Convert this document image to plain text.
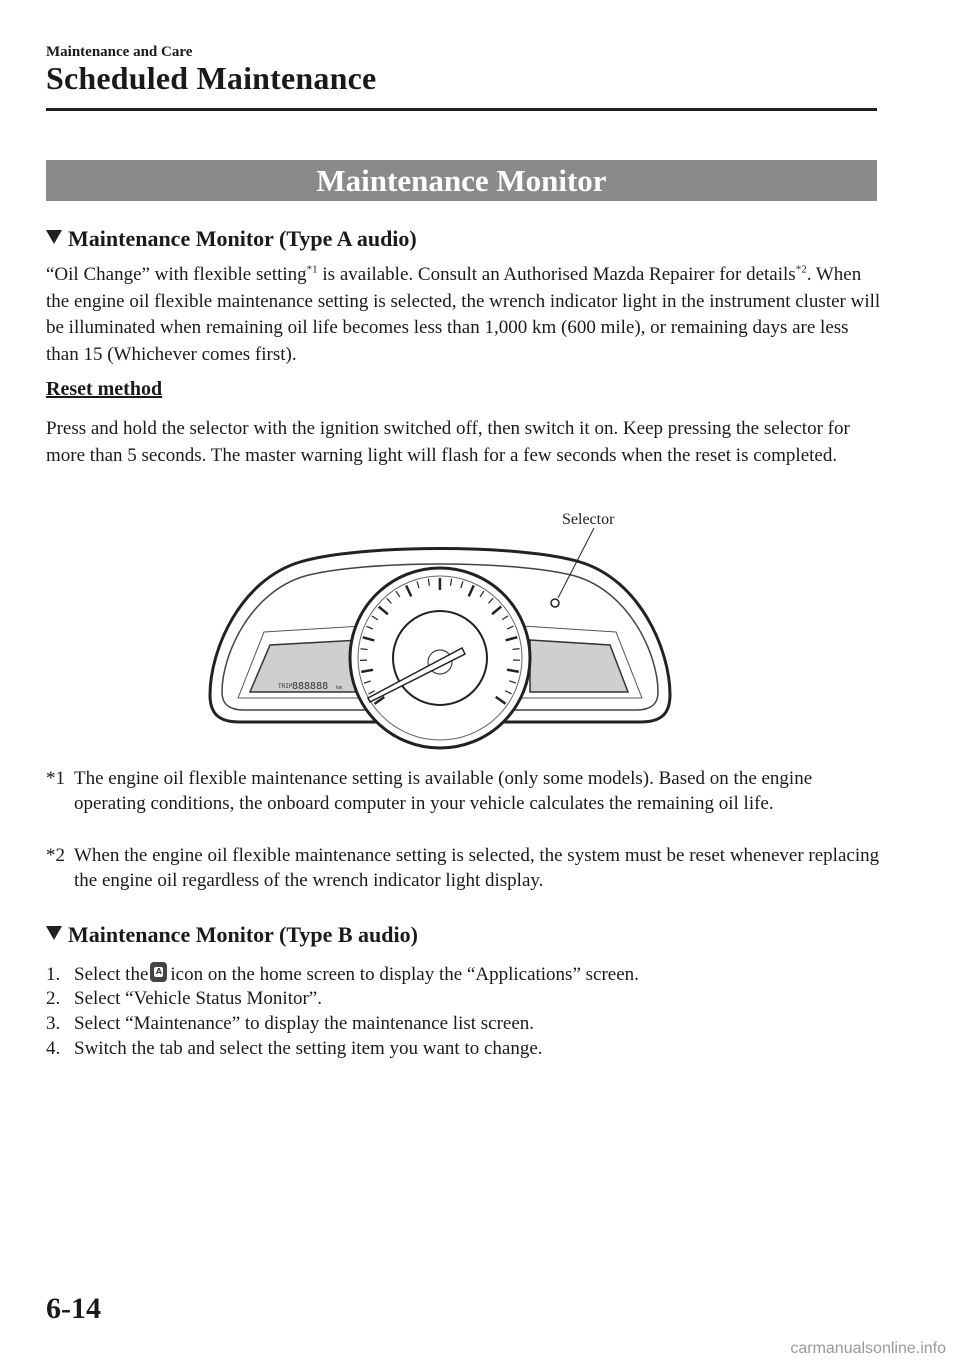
Maintenance and Care
Scheduled Maintenance
Maintenance Monitor
Maintenance Monitor (Type A audio)
“Oil Change” with flexible setting$^{*1}$ is available. Consult an Authorised Mazda Repairer for details$^{*2}$. When the engine oil flexible maintenance setting is selected, the wrench indicator light in the instrument cluster will be illuminated when remaining oil life becomes less than 1,000 km (600 mile), or remaining days are less than 15 (Whichever comes first).
Reset method
Press and hold the selector with the ignition switched off, then switch it on. Keep pressing the selector for more than 5 seconds. The master warning light will flash for a few seconds when the reset is completed.
TRIP 888888 km
Selector
*1 The engine oil flexible maintenance setting is available (only some models). Based on the engine operating conditions, the onboard computer in your vehicle calculates the remaining oil life.
*2 When the engine oil flexible maintenance setting is selected, the system must be reset whenever replacing the engine oil regardless of the wrench indicator light display.
Maintenance Monitor (Type B audio)
1. Select the A icon on the home screen to display the “Applications” screen.
2. Select “Vehicle Status Monitor”.
3. Select “Maintenance” to display the maintenance list screen.
4. Switch the tab and select the setting item you want to change.
6-14
carmanualsonline.info
